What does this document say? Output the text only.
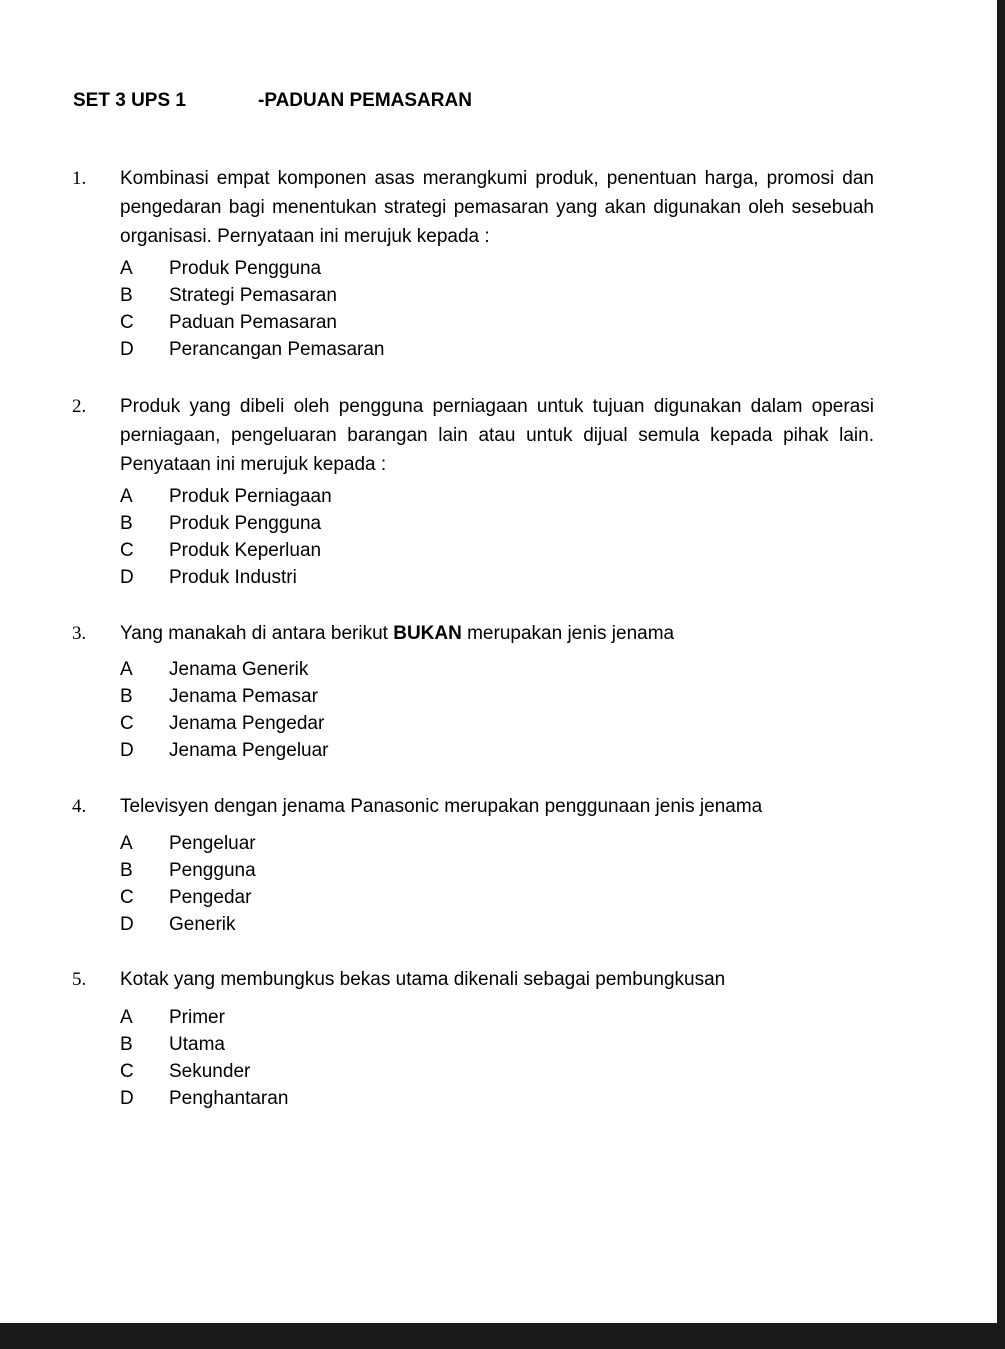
SET 3 UPS 1	-PADUAN PEMASARAN
1. Kombinasi empat komponen asas merangkumi produk, penentuan harga, promosi dan pengedaran bagi menentukan strategi pemasaran yang akan digunakan oleh sesebuah organisasi. Pernyataan ini merujuk kepada :
A Produk Pengguna
B Strategi Pemasaran
C Paduan Pemasaran
D Perancangan Pemasaran
2. Produk yang dibeli oleh pengguna perniagaan untuk tujuan digunakan dalam operasi perniagaan, pengeluaran barangan lain atau untuk dijual semula kepada pihak lain. Penyataan ini merujuk kepada :
A Produk Perniagaan
B Produk Pengguna
C Produk Keperluan
D Produk Industri
3. Yang manakah di antara berikut BUKAN merupakan jenis jenama
A Jenama Generik
B Jenama Pemasar
C Jenama Pengedar
D Jenama Pengeluar
4. Televisyen dengan jenama Panasonic merupakan penggunaan jenis jenama
A Pengeluar
B Pengguna
C Pengedar
D Generik
5. Kotak yang membungkus bekas utama dikenali sebagai pembungkusan
A Primer
B Utama
C Sekunder
D Penghantaran
